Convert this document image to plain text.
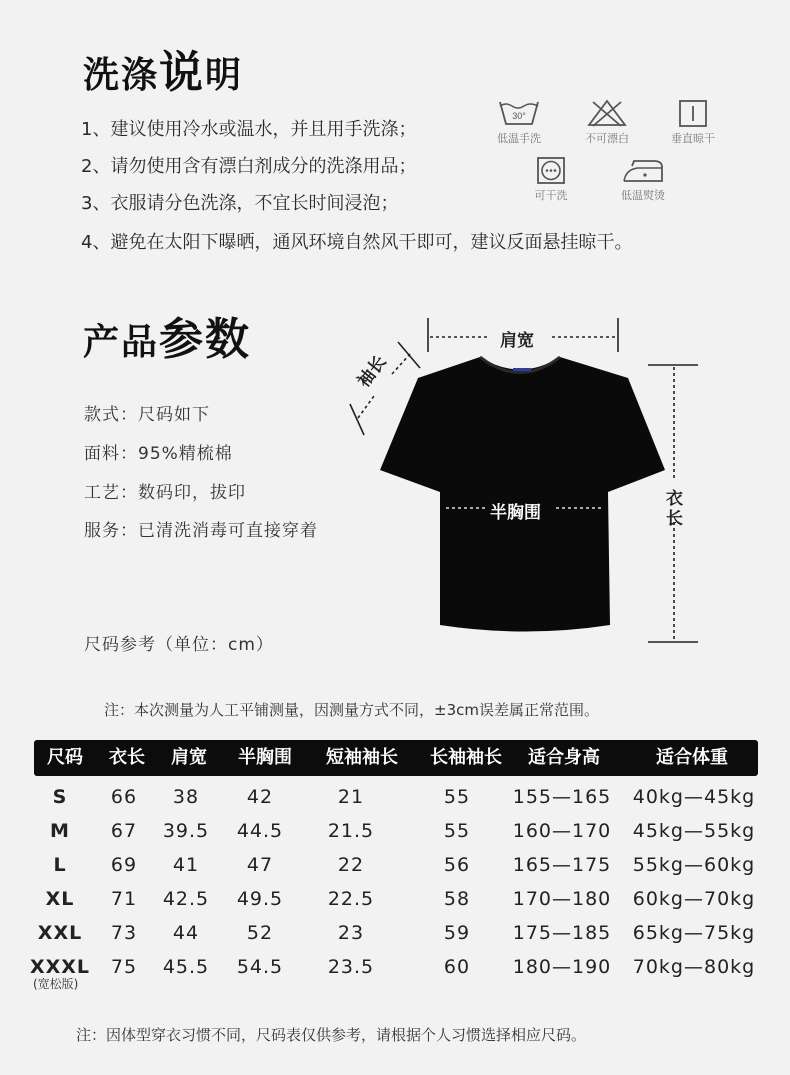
洗涤说明
1、建议使用冷水或温水，并且用手洗涤；
2、请勿使用含有漂白剂成分的洗涤用品；
3、衣服请分色洗涤，不宜长时间浸泡；
4、避免在太阳下曝晒，通风环境自然风干即可，建议反面悬挂晾干。
30°
低温手洗	不可漂白	垂直晾干
可干洗	低温熨烫
产品参数
款式：尺码如下
面料：95%精梳棉
工艺：数码印，拔印
服务：已清洗消毒可直接穿着
尺码参考（单位：cm）
肩宽
袖长
半胸围
衣
长
注：本次测量为人工平铺测量，因测量方式不同，±3cm误差属正常范围。
尺码	衣长	肩宽	半胸围	短袖袖长	长袖袖长	适合身高	适合体重
S	66	38	42	21	55	155—165	40kg—45kg
M	67	39.5	44.5	21.5	55	160—170	45kg—55kg
L	69	41	47	22	56	165—175	55kg—60kg
XL	71	42.5	49.5	22.5	58	170—180	60kg—70kg
XXL	73	44	52	23	59	175—185	65kg—75kg
XXXL	75	45.5	54.5	23.5	60	180—190	70kg—80kg
(宽松版)
注：因体型穿衣习惯不同，尺码表仅供参考，请根据个人习惯选择相应尺码。
